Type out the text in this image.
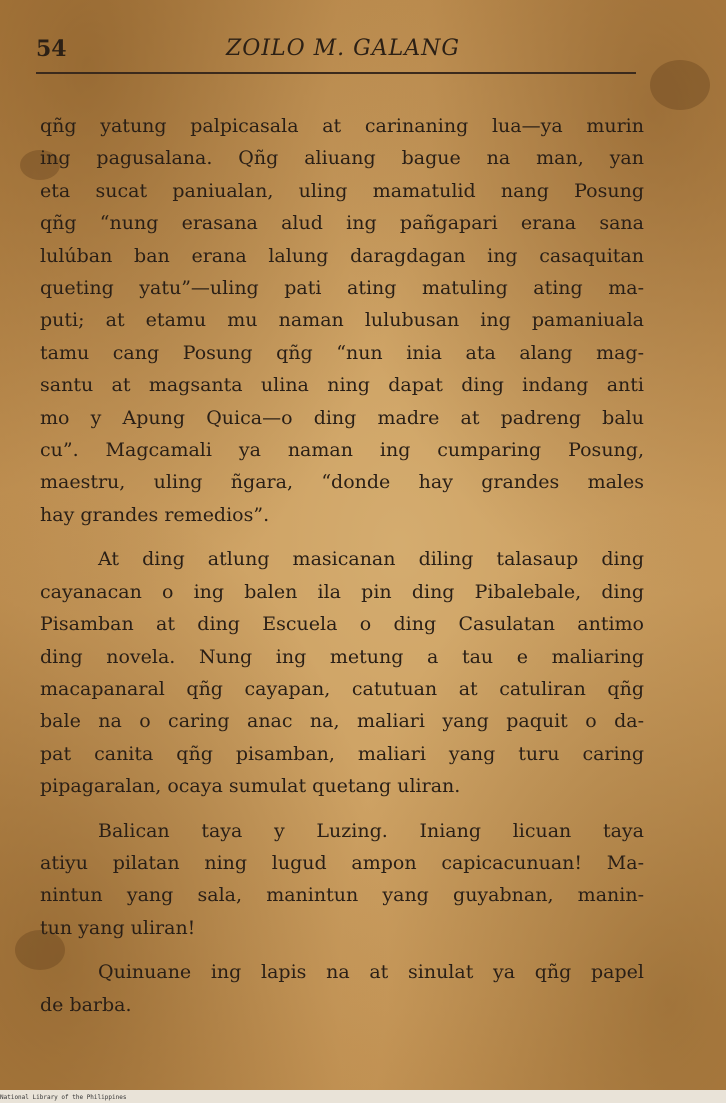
54	ZOILO M. GALANG
qñg yatung palpicasala at carinaning lua—ya murin
ing pagusalana. Qñg aliuang bague na man, yan
eta sucat paniualan, uling mamatulid nang Posung
qñg “nung erasana alud ing pañgapari erana sana
lulúban ban erana lalung daragdagan ing casaquitan
queting yatu”—uling pati ating matuling ating ma-
puti; at etamu mu naman lulubusan ing pamaniuala
tamu cang Posung qñg “nun inia ata alang mag-
santu at magsanta ulina ning dapat ding indang anti
mo y Apung Quica—o ding madre at padreng balu
cu”. Magcamali ya naman ing cumparing Posung,
maestru, uling ñgara, “donde hay grandes males
hay grandes remedios”.
At ding atlung masicanan diling talasaup ding
cayanacan o ing balen ila pin ding Pibalebale, ding
Pisamban at ding Escuela o ding Casulatan antimo
ding novela. Nung ing metung a tau e maliaring
macapanaral qñg cayapan, catutuan at catuliran qñg
bale na o caring anac na, maliari yang paquit o da-
pat canita qñg pisamban, maliari yang turu caring
pipagaralan, ocaya sumulat quetang uliran.
Balican taya y Luzing. Iniang licuan taya
atiyu pilatan ning lugud ampon capicacunuan! Ma-
nintun yang sala, manintun yang guyabnan, manin-
tun yang uliran!
Quinuane ing lapis na at sinulat ya qñg papel
de barba.
National Library of the Philippines
